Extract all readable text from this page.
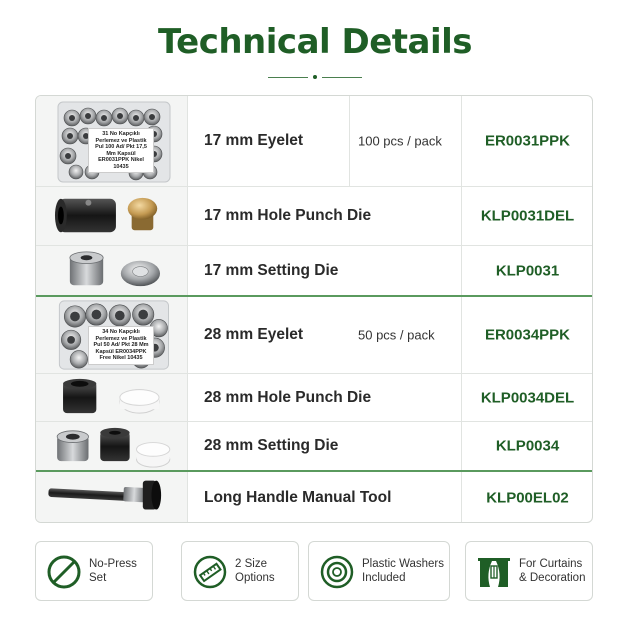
Technical Details
31 No Kapçıklı Perlemez ve Plastik Pul 100 Ad/ Pkt 17,5 Mm Kapsül ER0031PPK Nikel 10435
17 mm Eyelet	100 pcs / pack	ER0031PPK
17 mm Hole Punch Die	KLP0031DEL
17 mm Setting Die	KLP0031
34 No Kapçıklı Perlemez ve Plastik Pul 50 Ad/ Pkt 28 Mm Kapsül ER0034PPK Free Nikel 10435
28 mm Eyelet	50 pcs / pack	ER0034PPK
28 mm Hole Punch Die	KLP0034DEL
28 mm Setting Die	KLP0034
Long Handle Manual Tool	KLP00EL02
No-Press Set
2 Size Options
Plastic Washers Included
For Curtains & Decoration
